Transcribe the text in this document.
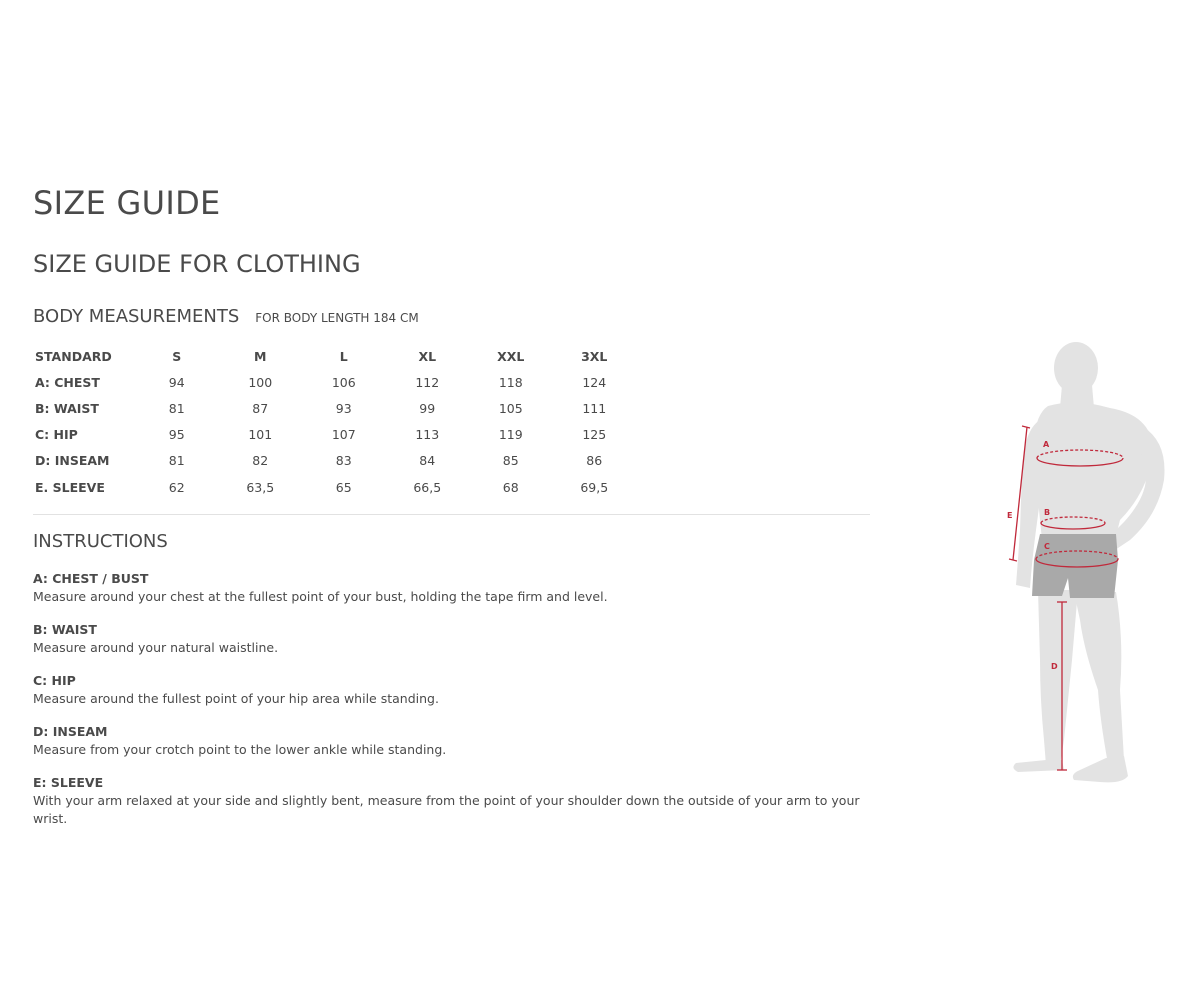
SIZE GUIDE
SIZE GUIDE FOR CLOTHING
BODY MEASUREMENTS FOR BODY LENGTH 184 CM
STANDARD	S	M	L	XL	XXL	3XL
A: CHEST	94	100	106	112	118	124
B: WAIST	81	87	93	99	105	111
C: HIP	95	101	107	113	119	125
D: INSEAM	81	82	83	84	85	86
E. SLEEVE	62	63,5	65	66,5	68	69,5
INSTRUCTIONS
A: CHEST / BUST
Measure around your chest at the fullest point of your bust, holding the tape firm and level.
B: WAIST
Measure around your natural waistline.
C: HIP
Measure around the fullest point of your hip area while standing.
D: INSEAM
Measure from your crotch point to the lower ankle while standing.
E: SLEEVE
With your arm relaxed at your side and slightly bent, measure from the point of your shoulder down the outside of your arm to your wrist.
A
B
C
D
E
